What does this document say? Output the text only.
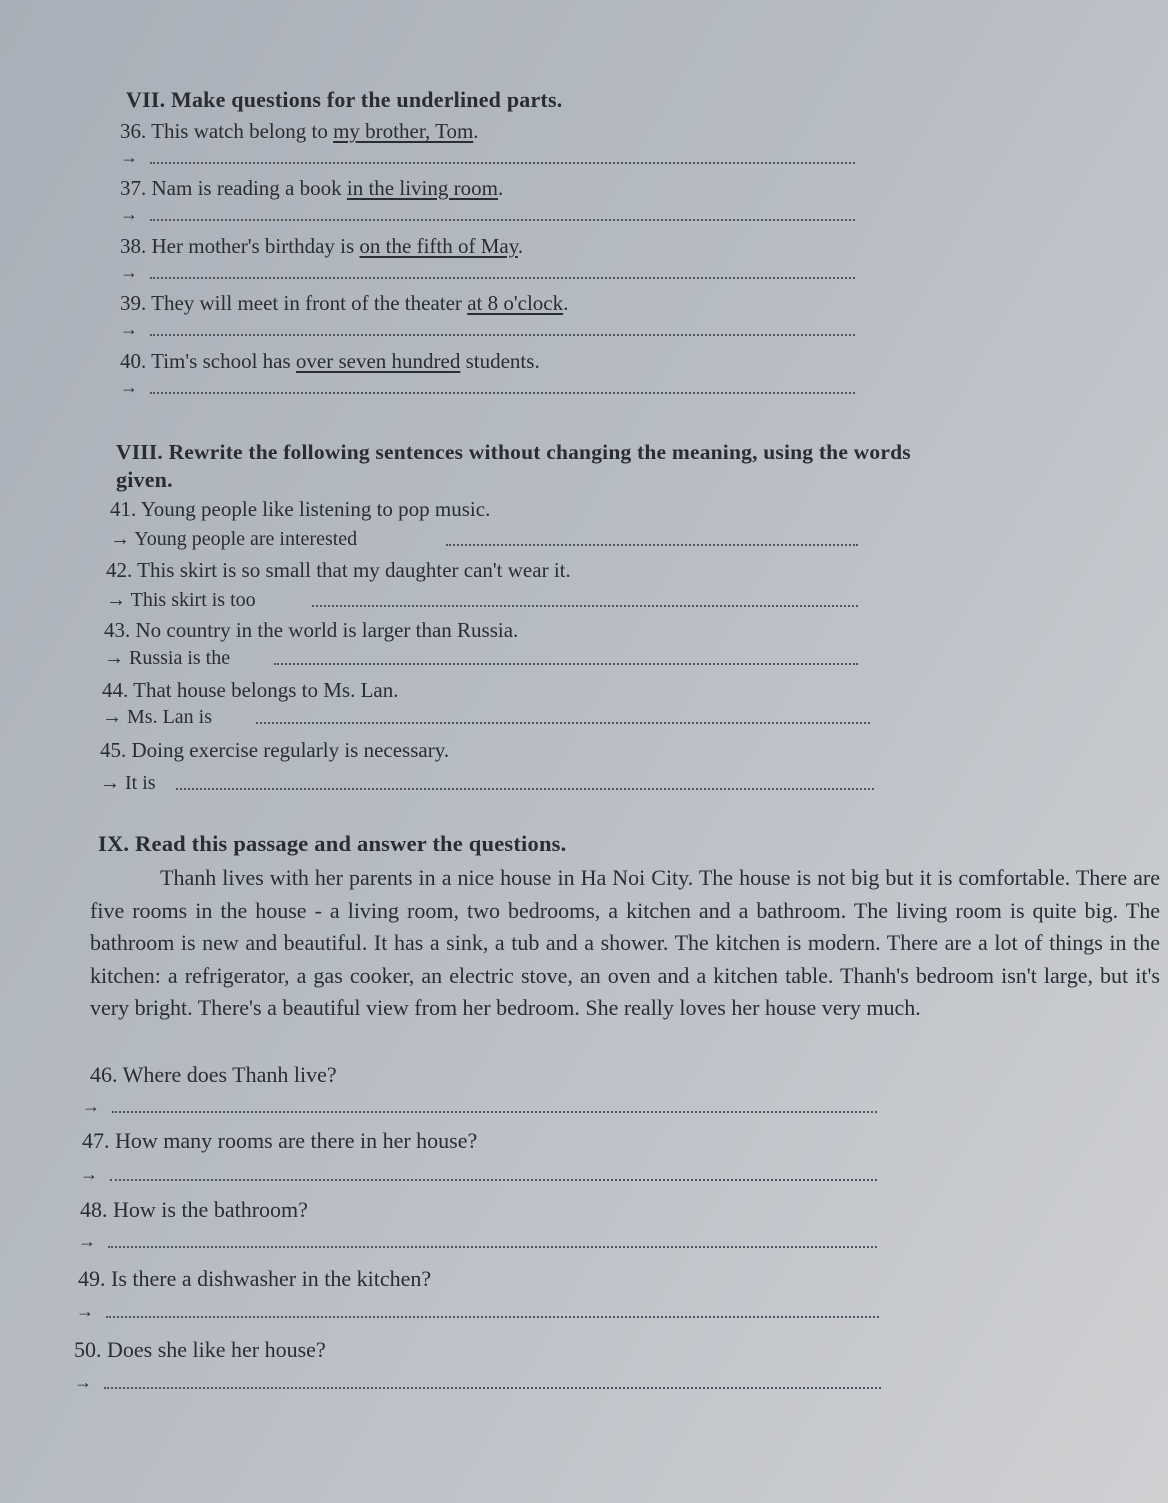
VII. Make questions for the underlined parts.
36. This watch belong to my brother, Tom.
→
37. Nam is reading a book in the living room.
→
38. Her mother's birthday is on the fifth of May.
→
39. They will meet in front of the theater at 8 o'clock.
→
40. Tim's school has over seven hundred students.
→
VIII. Rewrite the following sentences without changing the meaning, using the words
given.
41. Young people like listening to pop music.
→ Young people are interested
42. This skirt is so small that my daughter can't wear it.
→ This skirt is too
43. No country in the world is larger than Russia.
→ Russia is the
44. That house belongs to Ms. Lan.
→ Ms. Lan is
45. Doing exercise regularly is necessary.
→ It is
IX. Read this passage and answer the questions.
Thanh lives with her parents in a nice house in Ha Noi City. The house is not big but it is comfortable. There are five rooms in the house - a living room, two bedrooms, a kitchen and a bathroom. The living room is quite big. The bathroom is new and beautiful. It has a sink, a tub and a shower. The kitchen is modern. There are a lot of things in the kitchen: a refrigerator, a gas cooker, an electric stove, an oven and a kitchen table. Thanh's bedroom isn't large, but it's very bright. There's a beautiful view from her bedroom. She really loves her house very much.
46. Where does Thanh live?
→
47. How many rooms are there in her house?
→
48. How is the bathroom?
→
49. Is there a dishwasher in the kitchen?
→
50. Does she like her house?
→
